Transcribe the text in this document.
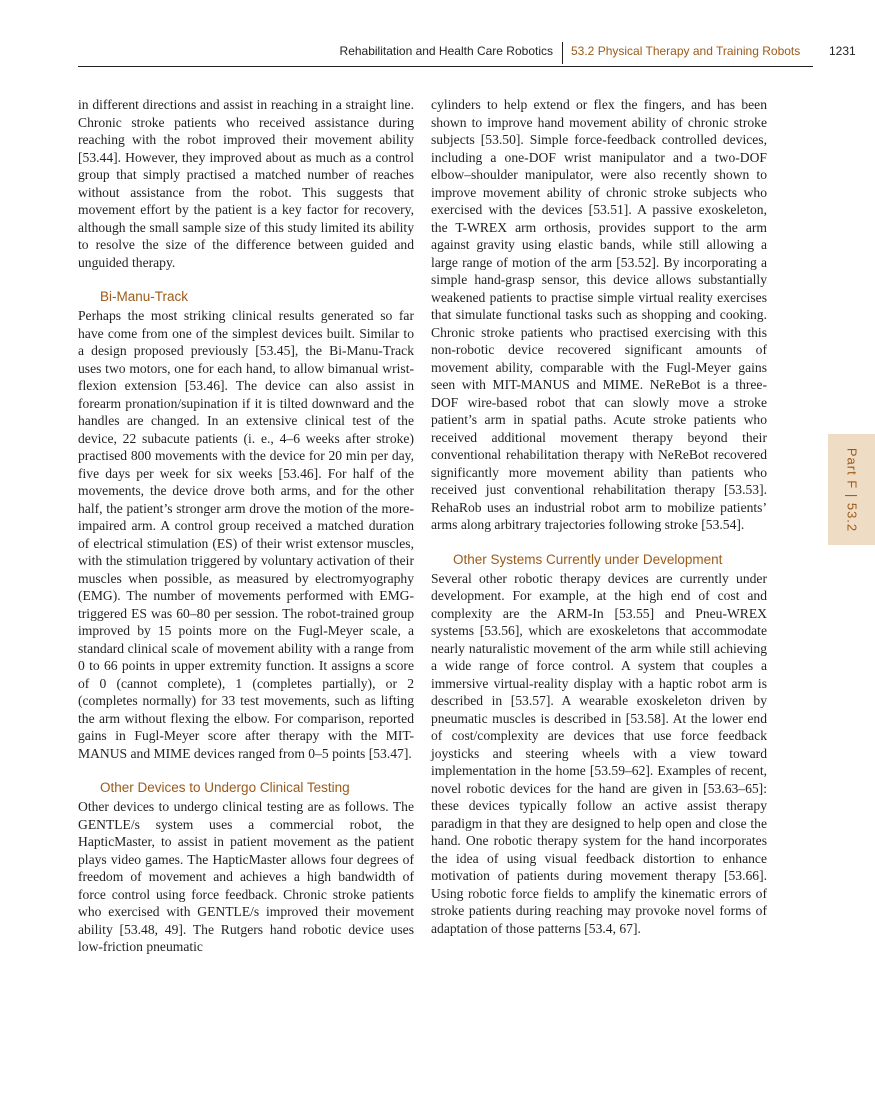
Rehabilitation and Health Care Robotics 53.2 Physical Therapy and Training Robots 1231

in different directions and assist in reaching in a straight line. Chronic stroke patients who received assistance during reaching with the robot improved their movement ability [53.44]. However, they improved about as much as a control group that simply practised a matched number of reaches without assistance from the robot. This suggests that movement effort by the patient is a key factor for recovery, although the small sample size of this study limited its ability to resolve the size of the difference between guided and unguided therapy.

Bi-Manu-Track

Perhaps the most striking clinical results generated so far have come from one of the simplest devices built. Similar to a design proposed previously [53.45], the Bi-Manu-Track uses two motors, one for each hand, to allow bimanual wrist-flexion extension [53.46]. The device can also assist in forearm pronation/supination if it is tilted downward and the handles are changed. In an extensive clinical test of the device, 22 subacute patients (i. e., 4–6 weeks after stroke) practised 800 movements with the device for 20 min per day, five days per week for six weeks [53.46]. For half of the movements, the device drove both arms, and for the other half, the patient’s stronger arm drove the motion of the more-impaired arm. A control group received a matched duration of electrical stimulation (ES) of their wrist extensor muscles, with the stimulation triggered by voluntary activation of their muscles when possible, as measured by electromyography (EMG). The number of movements performed with EMG-triggered ES was 60–80 per session. The robot-trained group improved by 15 points more on the Fugl-Meyer scale, a standard clinical scale of movement ability with a range from 0 to 66 points in upper extremity function. It assigns a score of 0 (cannot complete), 1 (completes partially), or 2 (completes normally) for 33 test movements, such as lifting the arm without flexing the elbow. For comparison, reported gains in Fugl-Meyer score after therapy with the MIT-MANUS and MIME devices ranged from 0–5 points [53.47].

Other Devices to Undergo Clinical Testing

Other devices to undergo clinical testing are as follows. The GENTLE/s system uses a commercial robot, the HapticMaster, to assist in patient movement as the patient plays video games. The HapticMaster allows four degrees of freedom of movement and achieves a high bandwidth of force control using force feedback. Chronic stroke patients who exercised with GENTLE/s improved their movement ability [53.48, 49]. The Rutgers hand robotic device uses low-friction pneumatic

cylinders to help extend or flex the fingers, and has been shown to improve hand movement ability of chronic stroke subjects [53.50]. Simple force-feedback controlled devices, including a one-DOF wrist manipulator and a two-DOF elbow–shoulder manipulator, were also recently shown to improve movement ability of chronic stroke subjects who exercised with the devices [53.51]. A passive exoskeleton, the T-WREX arm orthosis, provides support to the arm against gravity using elastic bands, while still allowing a large range of motion of the arm [53.52]. By incorporating a simple hand-grasp sensor, this device allows substantially weakened patients to practise simple virtual reality exercises that simulate functional tasks such as shopping and cooking. Chronic stroke patients who practised exercising with this non-robotic device recovered significant amounts of movement ability, comparable with the Fugl-Meyer gains seen with MIT-MANUS and MIME. NeReBot is a three-DOF wire-based robot that can slowly move a stroke patient’s arm in spatial paths. Acute stroke patients who received additional movement therapy beyond their conventional rehabilitation therapy with NeReBot recovered significantly more movement ability than patients who received just conventional rehabilitation therapy [53.53]. RehaRob uses an industrial robot arm to mobilize patients’ arms along arbitrary trajectories following stroke [53.54].

Other Systems Currently under Development

Several other robotic therapy devices are currently under development. For example, at the high end of cost and complexity are the ARM-In [53.55] and Pneu-WREX systems [53.56], which are exoskeletons that accommodate nearly naturalistic movement of the arm while still achieving a wide range of force control. A system that couples a immersive virtual-reality display with a haptic robot arm is described in [53.57]. A wearable exoskeleton driven by pneumatic muscles is described in [53.58]. At the lower end of cost/complexity are devices that use force feedback joysticks and steering wheels with a view toward implementation in the home [53.59–62]. Examples of recent, novel robotic devices for the hand are given in [53.63–65]: these devices typically follow an active assist therapy paradigm in that they are designed to help open and close the hand. One robotic therapy system for the hand incorporates the idea of using visual feedback distortion to enhance motivation of patients during movement therapy [53.66]. Using robotic force fields to amplify the kinematic errors of stroke patients during reaching may provoke novel forms of adaptation of those patterns [53.4, 67].

Part F | 53.2
